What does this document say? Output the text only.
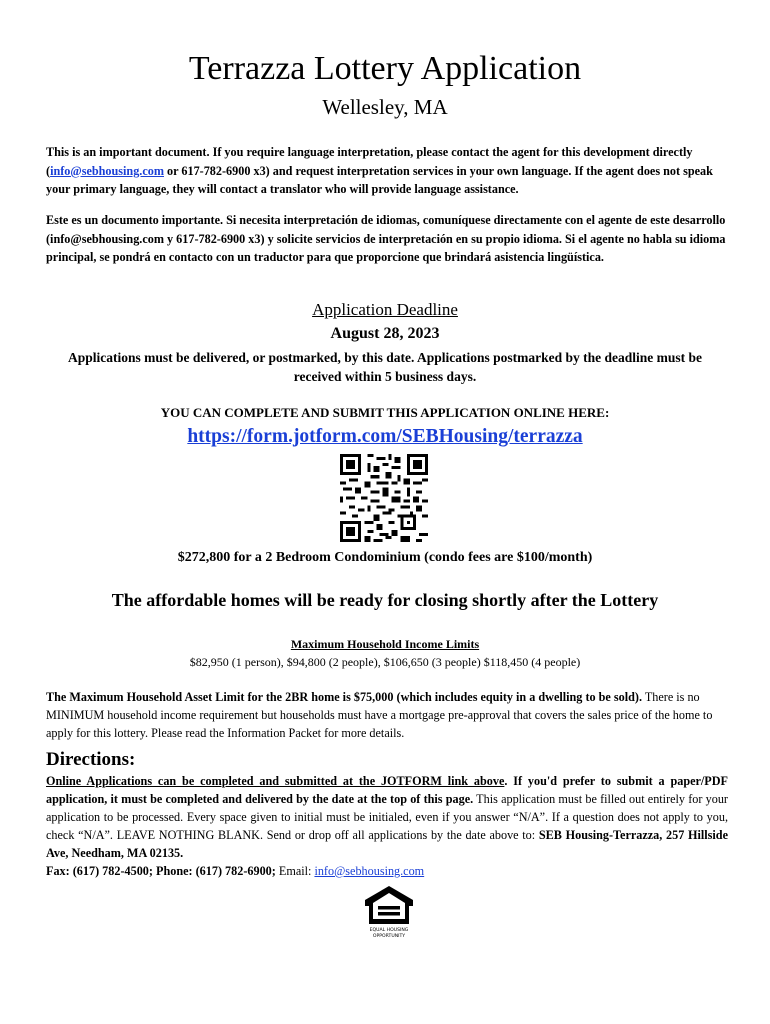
Terrazza Lottery Application
Wellesley, MA
This is an important document. If you require language interpretation, please contact the agent for this development directly (info@sebhousing.com or 617-782-6900 x3) and request interpretation services in your own language. If the agent does not speak your primary language, they will contact a translator who will provide language assistance.
Este es un documento importante. Si necesita interpretación de idiomas, comuníquese directamente con el agente de este desarrollo (info@sebhousing.com y 617-782-6900 x3) y solicite servicios de interpretación en su propio idioma. Si el agente no habla su idioma principal, se pondrá en contacto con un traductor para que proporcione que brindará asistencia lingüística.
Application Deadline
August 28, 2023
Applications must be delivered, or postmarked, by this date. Applications postmarked by the deadline must be received within 5 business days.
YOU CAN COMPLETE AND SUBMIT THIS APPLICATION ONLINE HERE:
https://form.jotform.com/SEBHousing/terrazza
$272,800 for a 2 Bedroom Condominium (condo fees are $100/month)
The affordable homes will be ready for closing shortly after the Lottery
Maximum Household Income Limits
$82,950 (1 person), $94,800 (2 people), $106,650 (3 people) $118,450 (4 people)
The Maximum Household Asset Limit for the 2BR home is $75,000 (which includes equity in a dwelling to be sold). There is no MINIMUM household income requirement but households must have a mortgage pre-approval that covers the sales price of the home to apply for this lottery. Please read the Information Packet for more details.
Directions:
Online Applications can be completed and submitted at the JOTFORM link above. If you'd prefer to submit a paper/PDF application, it must be completed and delivered by the date at the top of this page. This application must be filled out entirely for your application to be processed. Every space given to initial must be initialed, even if you answer “N/A”. If a question does not apply to you, check “N/A”. LEAVE NOTHING BLANK. Send or drop off all applications by the date above to: SEB Housing-Terrazza, 257 Hillside Ave, Needham, MA 02135.
Fax: (617) 782-4500; Phone: (617) 782-6900; Email: info@sebhousing.com
EQUAL HOUSING
OPPORTUNITY
